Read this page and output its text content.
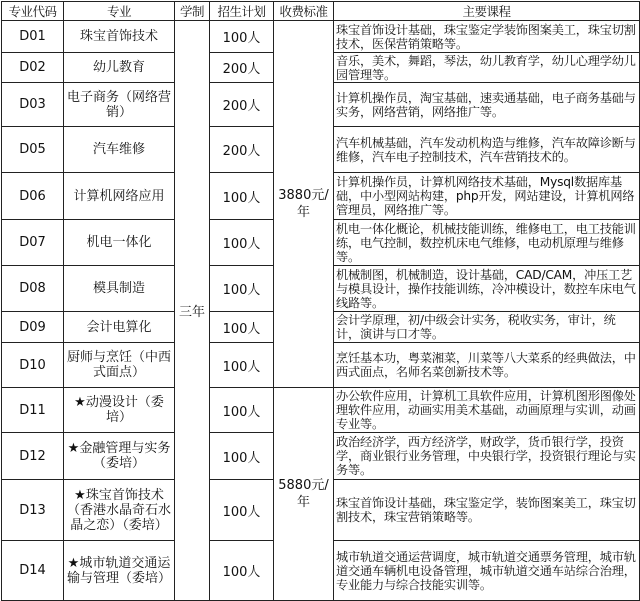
专业代码	专业	学制	招生计划	收费标准	主要课程
D01	珠宝首饰技术	三年	100人	3880元/年	珠宝首饰设计基础，珠宝鉴定学装饰图案美工，珠宝切割技术，医保营销策略等。
D02	幼儿教育		200人		音乐，美术，舞蹈，琴法，幼儿教育学，幼儿心理学幼儿园管理等。
D03	电子商务（网络营销）		200人		计算机操作员，淘宝基础，速卖通基础，电子商务基础与实务，网络营销，网络推广等。
D05	汽车维修		200人		汽车机械基础，汽车发动机构造与维修，汽车故障诊断与维修，汽车电子控制技术，汽车营销技术的。
D06	计算机网络应用		100人		计算机操作员，计算机网络技术基础，Mysql数据库基础，中小型网站构建，php开发，网站建设，计算机网络管理员，网络推广等。
D07	机电一体化		100人		机电一体化概论，机械技能训练，维修电工，电工技能训练，电气控制，数控机床电气维修，电动机原理与维修等。
D08	模具制造		100人		机械制图，机械制造，设计基础，CAD/CAM，冲压工艺与模具设计，操作技能训练，冷冲模设计，数控车床电气线路等。
D09	会计电算化		100人		会计学原理，初/中级会计实务，税收实务，审计，统计，演讲与口才等。
D10	厨师与烹饪（中西式面点）		100人		烹饪基本功，粤菜湘菜，川菜等八大菜系的经典做法，中西式面点，名师名菜创新技术等。
D11	★动漫设计（委培）		100人	5880元/年	办公软件应用，计算机工具软件应用，计算机图形图像处理软件应用，动画实用美术基础，动画原理与实训，动画专业等。
D12	★金融管理与实务（委培）		100人		政治经济学，西方经济学，财政学，货币银行学，投资学，商业银行业务管理，中央银行学，投资银行理论与实务等。
D13	★珠宝首饰技术（香港水晶奇石水晶之恋）（委培）		100人		珠宝首饰设计基础，珠宝鉴定学，装饰图案美工，珠宝切割技术，珠宝营销策略等。
D14	★城市轨道交通运输与管理（委培）		100人		城市轨道交通运营调度，城市轨道交通票务管理，城市轨道交通车辆机电设备管理，城市轨道交通车站综合治理，专业能力与综合技能实训等。
